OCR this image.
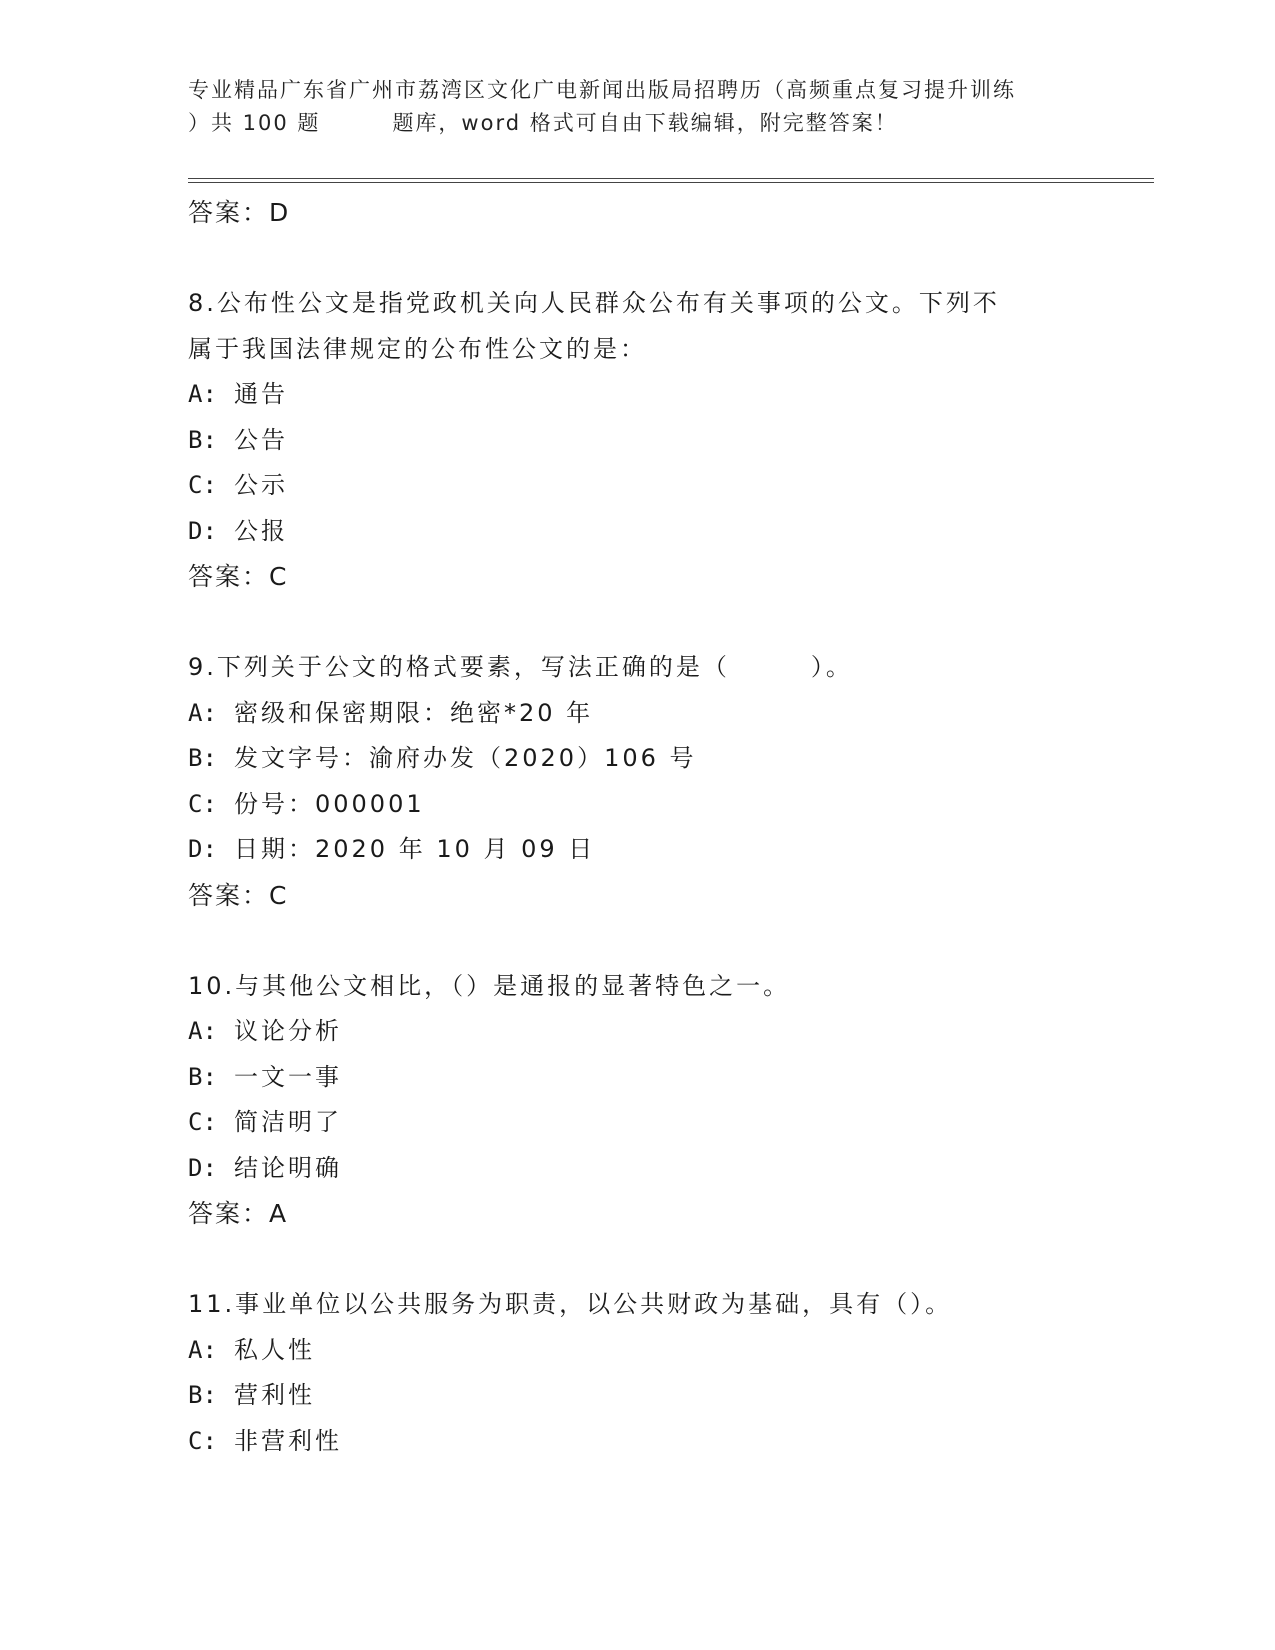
专业精品广东省广州市荔湾区文化广电新闻出版局招聘历（高频重点复习提升训练
）共 100 题	题库，word 格式可自由下载编辑，附完整答案！
答案：D
8.公布性公文是指党政机关向人民群众公布有关事项的公文。下列不
属于我国法律规定的公布性公文的是：
A: 通告
B: 公告
C: 公示
D: 公报
答案：C
9.下列关于公文的格式要素，写法正确的是（　　　）。
A: 密级和保密期限：绝密*20 年
B: 发文字号：渝府办发（2020）106 号
C: 份号：000001
D: 日期：2020 年 10 月 09 日
答案：C
10.与其他公文相比，（）是通报的显著特色之一。
A: 议论分析
B: 一文一事
C: 简洁明了
D: 结论明确
答案：A
11.事业单位以公共服务为职责，以公共财政为基础，具有（）。
A: 私人性
B: 营利性
C: 非营利性
